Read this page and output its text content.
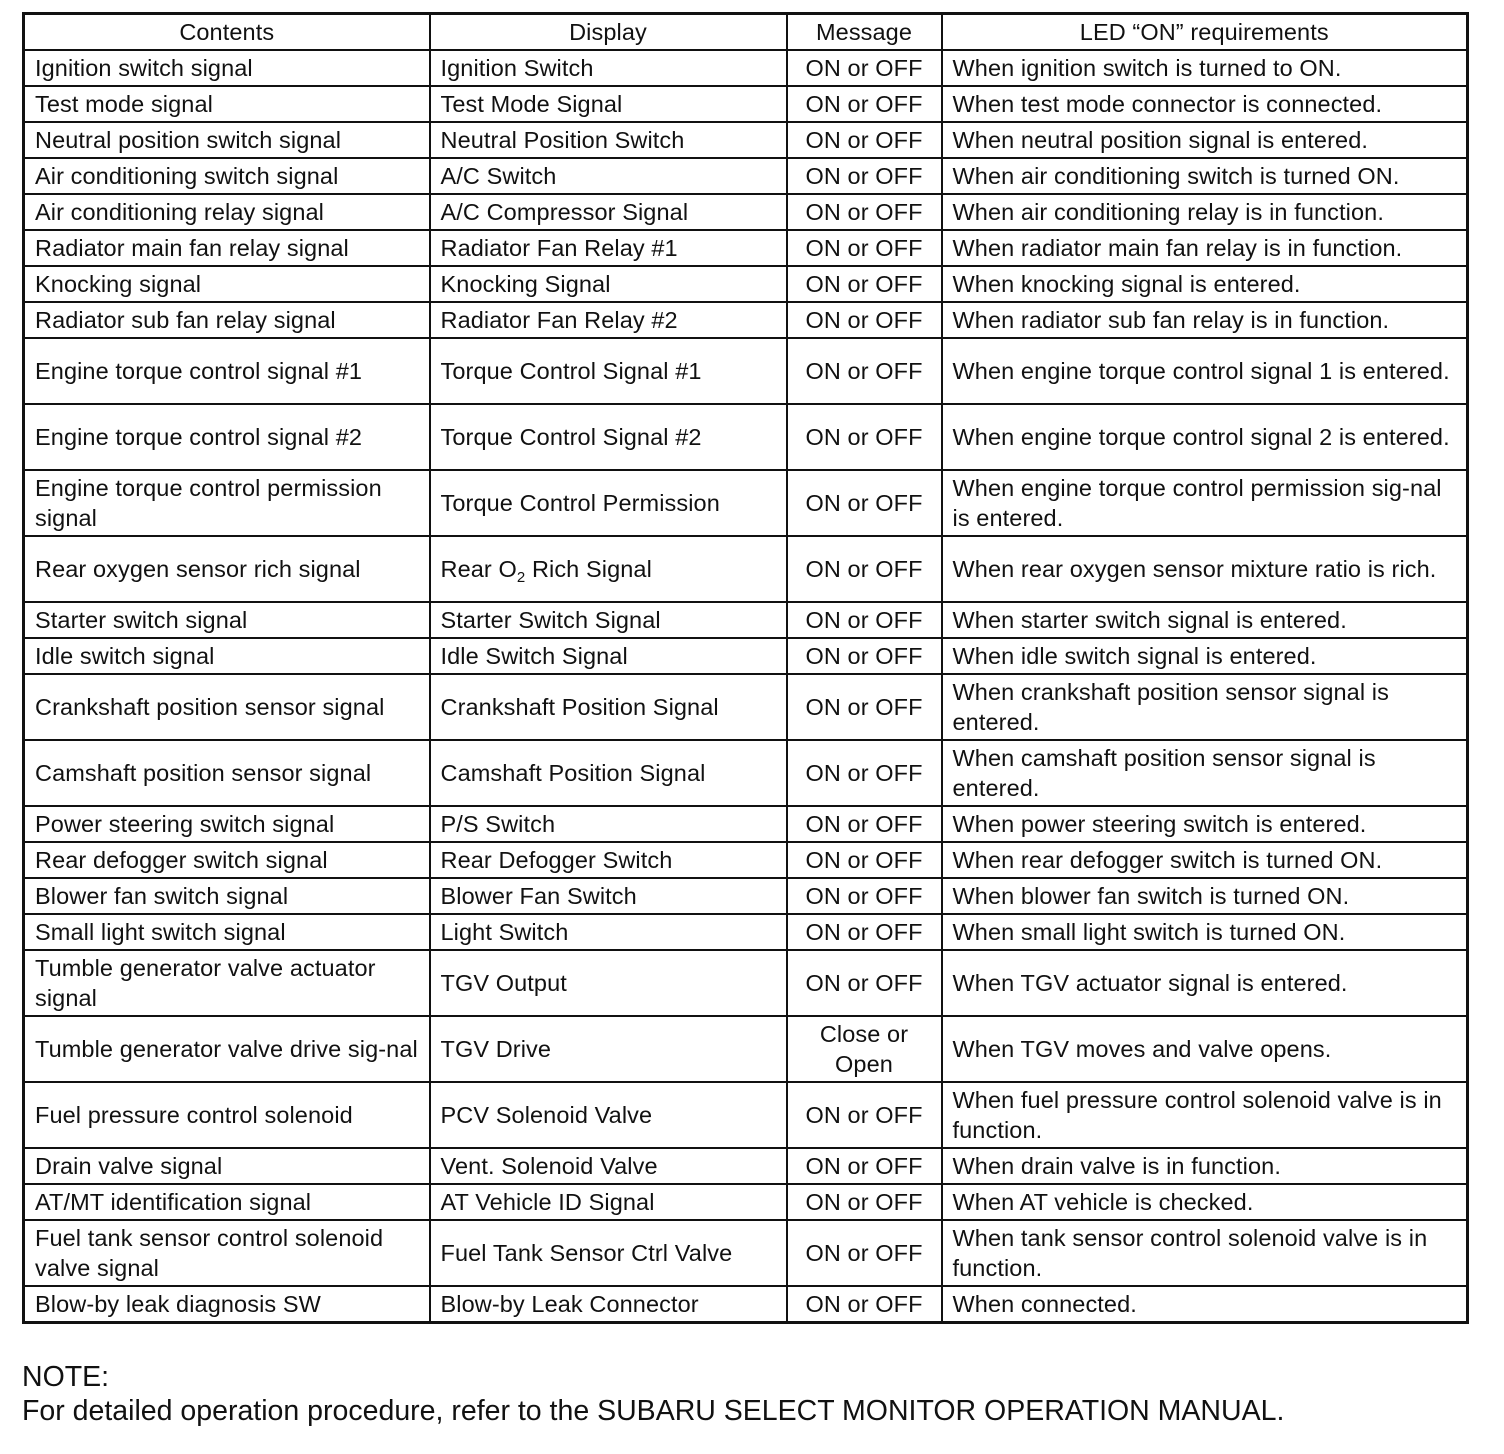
Contents	Display	Message	LED “ON” requirements
Ignition switch signal	Ignition Switch	ON or OFF	When ignition switch is turned to ON.
Test mode signal	Test Mode Signal	ON or OFF	When test mode connector is connected.
Neutral position switch signal	Neutral Position Switch	ON or OFF	When neutral position signal is entered.
Air conditioning switch signal	A/C Switch	ON or OFF	When air conditioning switch is turned ON.
Air conditioning relay signal	A/C Compressor Signal	ON or OFF	When air conditioning relay is in function.
Radiator main fan relay signal	Radiator Fan Relay #1	ON or OFF	When radiator main fan relay is in function.
Knocking signal	Knocking Signal	ON or OFF	When knocking signal is entered.
Radiator sub fan relay signal	Radiator Fan Relay #2	ON or OFF	When radiator sub fan relay is in function.
Engine torque control signal #1	Torque Control Signal #1	ON or OFF	When engine torque control signal 1 is entered.
Engine torque control signal #2	Torque Control Signal #2	ON or OFF	When engine torque control signal 2 is entered.
Engine torque control permission signal	Torque Control Permission	ON or OFF	When engine torque control permission sig-nal is entered.
Rear oxygen sensor rich signal	Rear $O_2$ Rich Signal	ON or OFF	When rear oxygen sensor mixture ratio is rich.
Starter switch signal	Starter Switch Signal	ON or OFF	When starter switch signal is entered.
Idle switch signal	Idle Switch Signal	ON or OFF	When idle switch signal is entered.
Crankshaft position sensor signal	Crankshaft Position Signal	ON or OFF	When crankshaft position sensor signal is entered.
Camshaft position sensor signal	Camshaft Position Signal	ON or OFF	When camshaft position sensor signal is entered.
Power steering switch signal	P/S Switch	ON or OFF	When power steering switch is entered.
Rear defogger switch signal	Rear Defogger Switch	ON or OFF	When rear defogger switch is turned ON.
Blower fan switch signal	Blower Fan Switch	ON or OFF	When blower fan switch is turned ON.
Small light switch signal	Light Switch	ON or OFF	When small light switch is turned ON.
Tumble generator valve actuator signal	TGV Output	ON or OFF	When TGV actuator signal is entered.
Tumble generator valve drive sig-nal	TGV Drive	Close or Open	When TGV moves and valve opens.
Fuel pressure control solenoid	PCV Solenoid Valve	ON or OFF	When fuel pressure control solenoid valve is in function.
Drain valve signal	Vent. Solenoid Valve	ON or OFF	When drain valve is in function.
AT/MT identification signal	AT Vehicle ID Signal	ON or OFF	When AT vehicle is checked.
Fuel tank sensor control solenoid valve signal	Fuel Tank Sensor Ctrl Valve	ON or OFF	When tank sensor control solenoid valve is in function.
Blow-by leak diagnosis SW	Blow-by Leak Connector	ON or OFF	When connected.
NOTE:
For detailed operation procedure, refer to the SUBARU SELECT MONITOR OPERATION MANUAL.
